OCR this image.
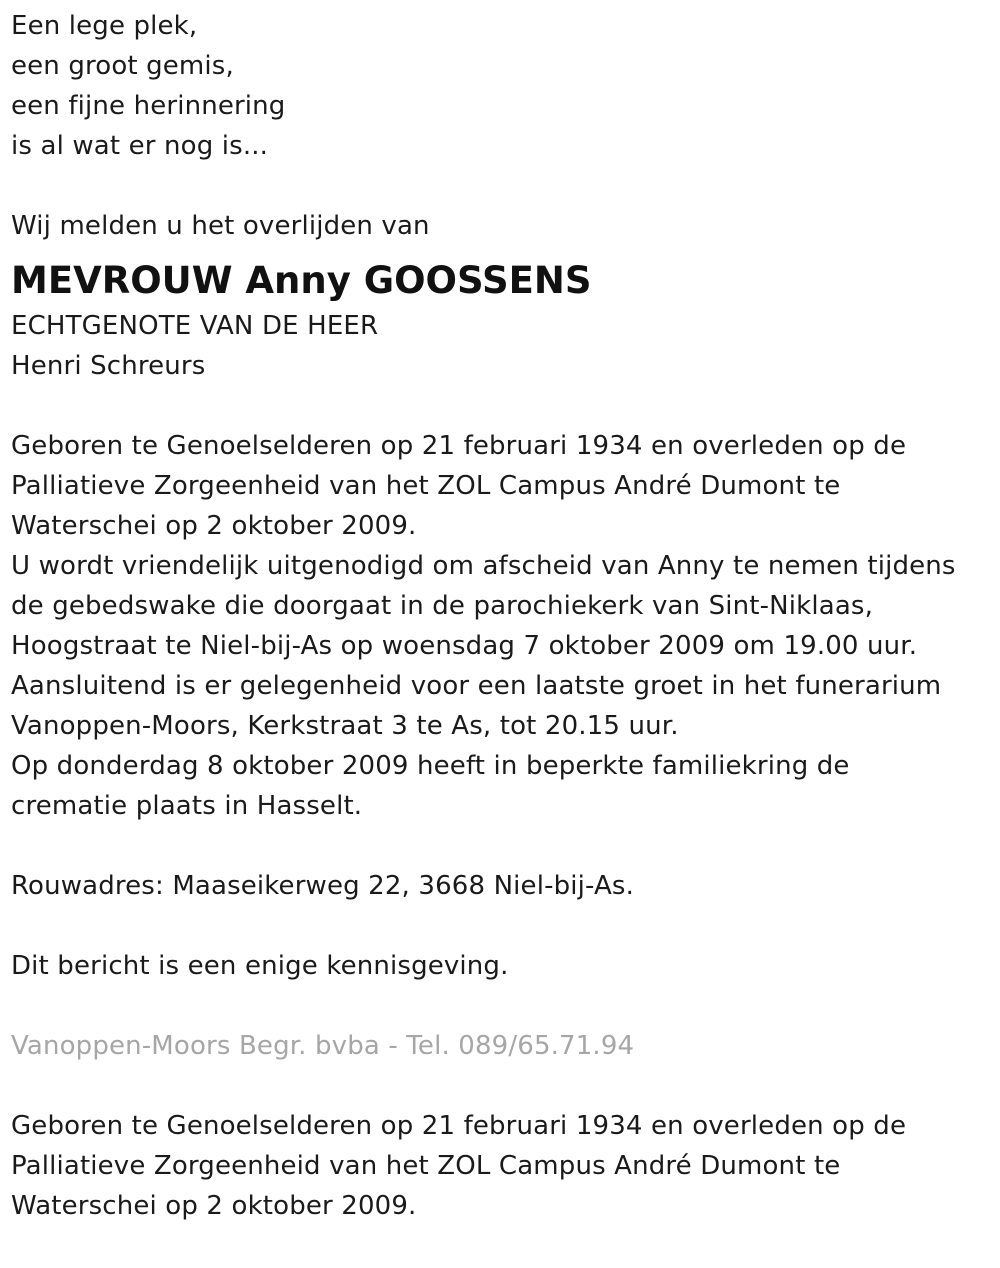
Een lege plek,
een groot gemis,
een fijne herinnering
is al wat er nog is...
Wij melden u het overlijden van
MEVROUW Anny GOOSSENS
ECHTGENOTE VAN DE HEER
Henri Schreurs
Geboren te Genoelselderen op 21 februari 1934 en overleden op de
Palliatieve Zorgeenheid van het ZOL Campus André Dumont te
Waterschei op 2 oktober 2009.
U wordt vriendelijk uitgenodigd om afscheid van Anny te nemen tijdens
de gebedswake die doorgaat in de parochiekerk van Sint-Niklaas,
Hoogstraat te Niel-bij-As op woensdag 7 oktober 2009 om 19.00 uur.
Aansluitend is er gelegenheid voor een laatste groet in het funerarium
Vanoppen-Moors, Kerkstraat 3 te As, tot 20.15 uur.
Op donderdag 8 oktober 2009 heeft in beperkte familiekring de
crematie plaats in Hasselt.
Rouwadres: Maaseikerweg 22, 3668 Niel-bij-As.
Dit bericht is een enige kennisgeving.
Vanoppen-Moors Begr. bvba - Tel. 089/65.71.94
Geboren te Genoelselderen op 21 februari 1934 en overleden op de
Palliatieve Zorgeenheid van het ZOL Campus André Dumont te
Waterschei op 2 oktober 2009.
